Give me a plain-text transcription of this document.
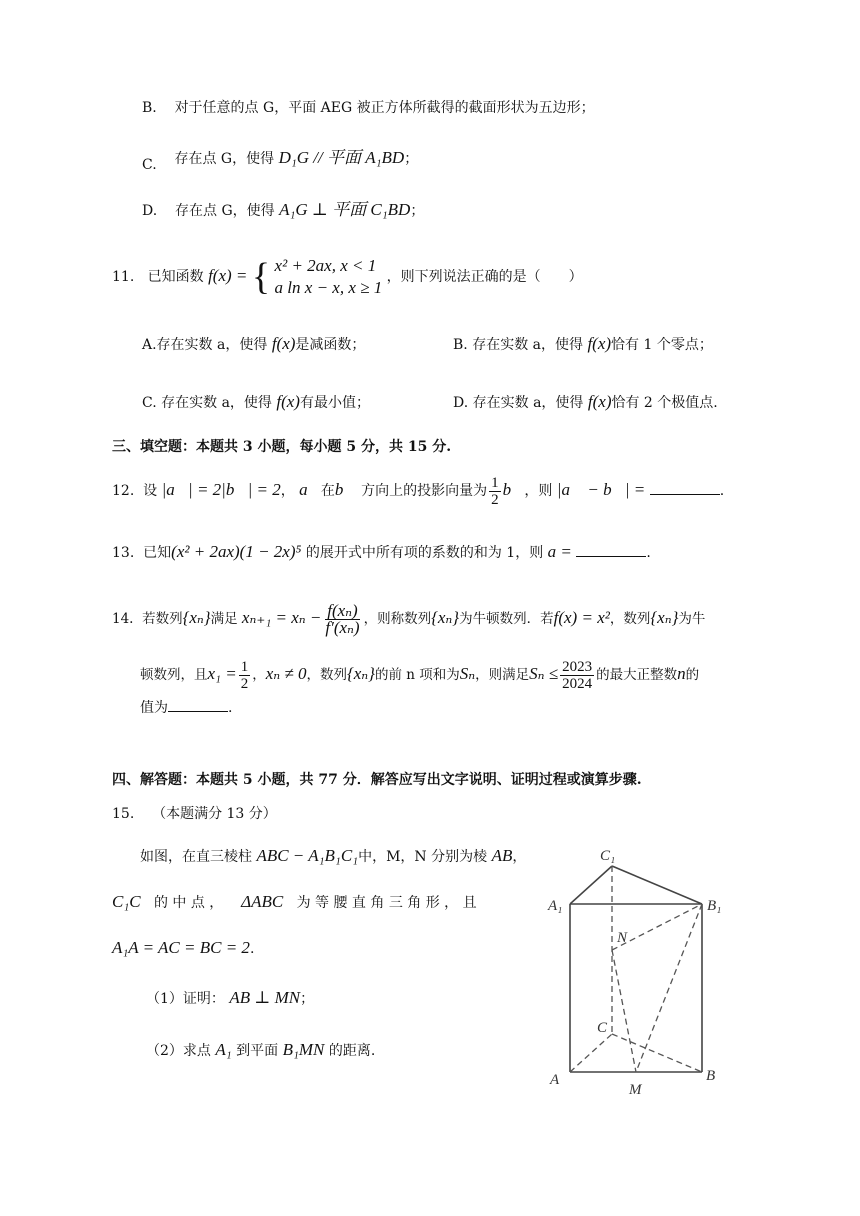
B. 对于任意的点 G，平面 AEG 被正方体所截得的截面形状为五边形；
C. 存在点 G，使得 D₁G // 平面 A₁BD；
D. 存在点 G，使得 A₁G ⊥ 平面 C₁BD；
11. 已知函数 f(x) = { x² + 2ax, x < 1
a ln x − x, x ≥ 1
，则下列说法正确的是（　　）
A.存在实数 a，使得 f(x)是减函数；	B. 存在实数 a，使得 f(x)恰有 1 个零点；
C. 存在实数 a，使得 f(x)有最小值；	D. 存在实数 a，使得 f(x)恰有 2 个极值点.
三、填空题：本题共 3 小题，每小题 5 分，共 15 分.
12. 设 |a⃗| = 2|b⃗| = 2， a⃗在b⃗ 方向上的投影向量为 $\frac{1}{2}$ b⃗，则 |a⃗ − b⃗| =	.
13. 已知(x² + 2ax)(1 − 2x)⁵ 的展开式中所有项的系数的和为 1，则 a =	.
14. 若数列{xₙ}满足 $x_{n+1} = x_n - \frac{\text{f(xₙ)}}{\text{f′(xₙ)}}$ ，则称数列{xₙ}为牛顿数列．若f(x) = x²，数列{xₙ}为牛
顿数列，且$x_1 = \frac{1}{2}$ ，xₙ ≠ 0，数列{xₙ}的前 n 项和为Sₙ，则满足$S_n \le \frac{2023}{2024}$ 的最大正整数n的
值为	.
四、解答题：本题共 5 小题，共 77 分．解答应写出文字说明、证明过程或演算步骤.
15. （本题满分 13 分）
如图，在直三棱柱 ABC − A₁B₁C₁中，M，N 分别为棱 AB，
C₁C 的 中 点 ， ΔABC 为 等 腰 直 角 三 角 形 ， 且
A₁A = AC = BC = 2.
（1）证明： AB ⊥ MN；
（2）求点 A₁ 到平面 B₁MN 的距离.
C₁
A₁	B₁
N
C
A	B
M
